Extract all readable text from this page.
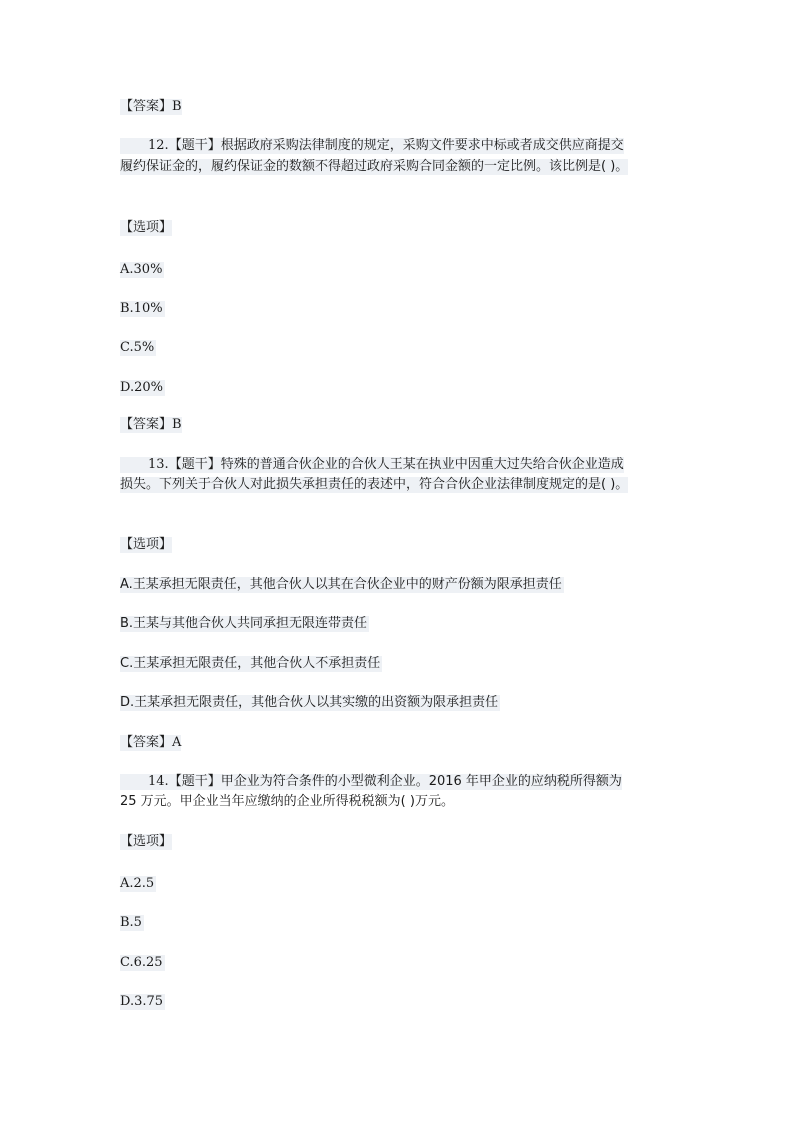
【答案】B
12.【题干】根据政府采购法律制度的规定，采购文件要求中标或者成交供应商提交
履约保证金的，履约保证金的数额不得超过政府采购合同金额的一定比例。该比例是( )。
【选项】
A.30%
B.10%
C.5%
D.20%
【答案】B
13.【题干】特殊的普通合伙企业的合伙人王某在执业中因重大过失给合伙企业造成
损失。下列关于合伙人对此损失承担责任的表述中，符合合伙企业法律制度规定的是( )。
【选项】
A.王某承担无限责任，其他合伙人以其在合伙企业中的财产份额为限承担责任
B.王某与其他合伙人共同承担无限连带责任
C.王某承担无限责任，其他合伙人不承担责任
D.王某承担无限责任，其他合伙人以其实缴的出资额为限承担责任
【答案】A
14.【题干】甲企业为符合条件的小型微利企业。2016 年甲企业的应纳税所得额为
25 万元。甲企业当年应缴纳的企业所得税税额为( )万元。
【选项】
A.2.5
B.5
C.6.25
D.3.75
